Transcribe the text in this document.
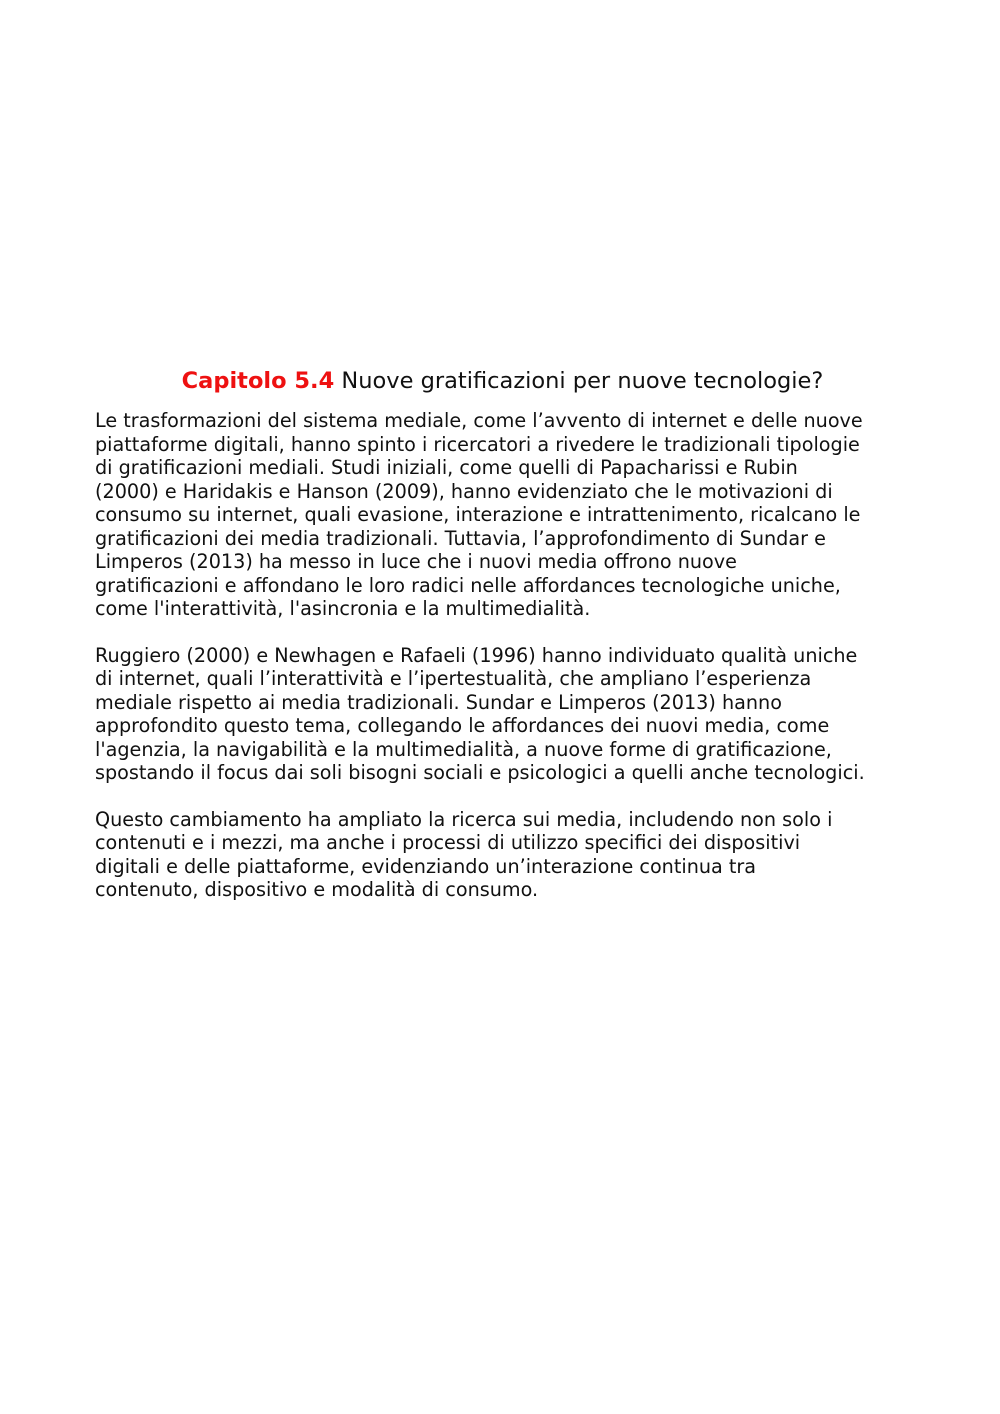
Capitolo 5.4 Nuove gratificazioni per nuove tecnologie?

Le trasformazioni del sistema mediale, come l’avvento di internet e delle nuove
piattaforme digitali, hanno spinto i ricercatori a rivedere le tradizionali tipologie
di gratificazioni mediali. Studi iniziali, come quelli di Papacharissi e Rubin
(2000) e Haridakis e Hanson (2009), hanno evidenziato che le motivazioni di
consumo su internet, quali evasione, interazione e intrattenimento, ricalcano le
gratificazioni dei media tradizionali. Tuttavia, l’approfondimento di Sundar e
Limperos (2013) ha messo in luce che i nuovi media offrono nuove
gratificazioni e affondano le loro radici nelle affordances tecnologiche uniche,
come l'interattività, l'asincronia e la multimedialità.

Ruggiero (2000) e Newhagen e Rafaeli (1996) hanno individuato qualità uniche
di internet, quali l’interattività e l’ipertestualità, che ampliano l’esperienza
mediale rispetto ai media tradizionali. Sundar e Limperos (2013) hanno
approfondito questo tema, collegando le affordances dei nuovi media, come
l'agenzia, la navigabilità e la multimedialità, a nuove forme di gratificazione,
spostando il focus dai soli bisogni sociali e psicologici a quelli anche tecnologici.

Questo cambiamento ha ampliato la ricerca sui media, includendo non solo i
contenuti e i mezzi, ma anche i processi di utilizzo specifici dei dispositivi
digitali e delle piattaforme, evidenziando un’interazione continua tra
contenuto, dispositivo e modalità di consumo.
